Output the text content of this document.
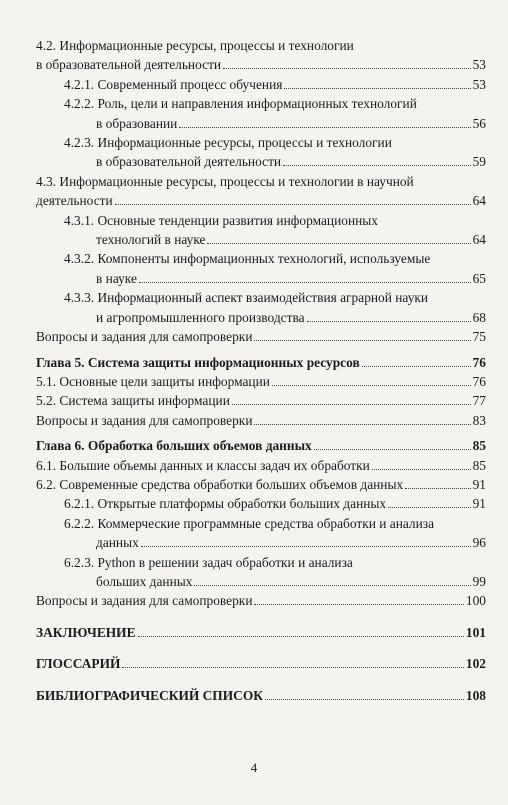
4.2. Информационные ресурсы, процессы и технологии
в образовательной деятельности	53
4.2.1. Современный процесс обучения	53
4.2.2. Роль, цели и направления информационных технологий
в образовании	56
4.2.3. Информационные ресурсы, процессы и технологии
в образовательной деятельности	59
4.3. Информационные ресурсы, процессы и технологии в научной
деятельности	64
4.3.1. Основные тенденции развития информационных
технологий в науке	64
4.3.2. Компоненты информационных технологий, используемые
в науке	65
4.3.3. Информационный аспект взаимодействия аграрной науки
и агропромышленного производства	68
Вопросы и задания для самопроверки	75
Глава 5. Система защиты информационных ресурсов	76
5.1. Основные цели защиты информации	76
5.2. Система защиты информации	77
Вопросы и задания для самопроверки	83
Глава 6. Обработка больших объемов данных	85
6.1. Большие объемы данных и классы задач их обработки	85
6.2. Современные средства обработки больших объемов данных	91
6.2.1. Открытые платформы обработки больших данных	91
6.2.2. Коммерческие программные средства обработки и анализа
данных	96
6.2.3. Python в решении задач обработки и анализа
больших данных	99
Вопросы и задания для самопроверки	100
ЗАКЛЮЧЕНИЕ	101
ГЛОССАРИЙ	102
БИБЛИОГРАФИЧЕСКИЙ СПИСОК	108
4
